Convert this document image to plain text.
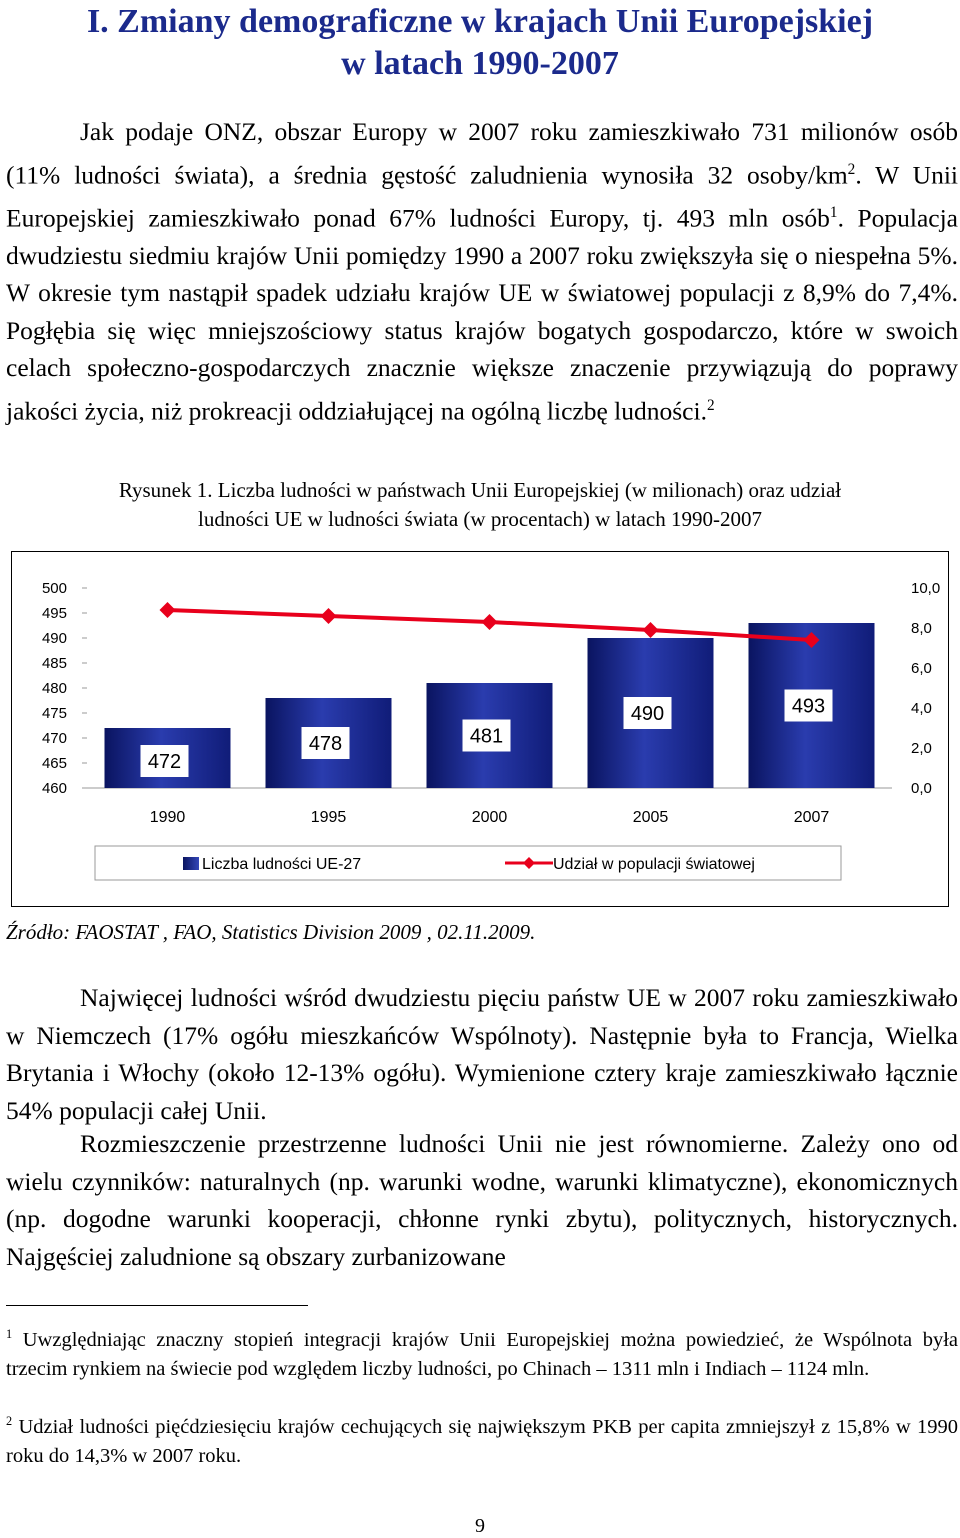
I. Zmiany demograficzne w krajach Unii Europejskiej
w latach 1990-2007

Jak podaje ONZ, obszar Europy w 2007 roku zamieszkiwało 731 milionów osób (11% ludności świata), a średnia gęstość zaludnienia wynosiła 32 osoby/$km^2$. W Unii Europejskiej zamieszkiwało ponad 67% ludności Europy, tj. 493 mln osób$^1$. Populacja dwudziestu siedmiu krajów Unii pomiędzy 1990 a 2007 roku zwiększyła się o niespełna 5%. W okresie tym nastąpił spadek udziału krajów UE w światowej populacji z 8,9% do 7,4%. Pogłębia się więc mniejszościowy status krajów bogatych gospodarczo, które w swoich celach społeczno-gospodarczych znacznie większe znaczenie przywiązują do poprawy jakości życia, niż prokreacji oddziałującej na ogólną liczbę ludności.$^2$

Rysunek 1. Liczba ludności w państwach Unii Europejskiej (w milionach) oraz udział
ludności UE w ludności świata (w procentach) w latach 1990-2007
500
495
490
485
480
475
470
465
460
10,0
8,0
6,0
4,0
2,0
0,0
472
1990
478
1995
481
2000
490
2005
493
2007
Liczba ludności UE-27	Udział w populacji światowej
Źródło: FAOSTAT , FAO, Statistics Division 2009 , 02.11.2009.

Najwięcej ludności wśród dwudziestu pięciu państw UE w 2007 roku zamieszkiwało w Niemczech (17% ogółu mieszkańców Wspólnoty). Następnie była to Francja, Wielka Brytania i Włochy (około 12-13% ogółu). Wymienione cztery kraje zamieszkiwało łącznie 54% populacji całej Unii.

Rozmieszczenie przestrzenne ludności Unii nie jest równomierne. Zależy ono od wielu czynników: naturalnych (np. warunki wodne, warunki klimatyczne), ekonomicznych (np. dogodne warunki kooperacji, chłonne rynki zbytu), politycznych, historycznych. Najgęściej zaludnione są obszary zurbanizowane

$^1$ Uwzględniając znaczny stopień integracji krajów Unii Europejskiej można powiedzieć, że Wspólnota była trzecim rynkiem na świecie pod względem liczby ludności, po Chinach – 1311 mln i Indiach – 1124 mln.

$^2$ Udział ludności pięćdziesięciu krajów cechujących się największym PKB per capita zmniejszył z 15,8% w 1990 roku do 14,3% w 2007 roku.

9
